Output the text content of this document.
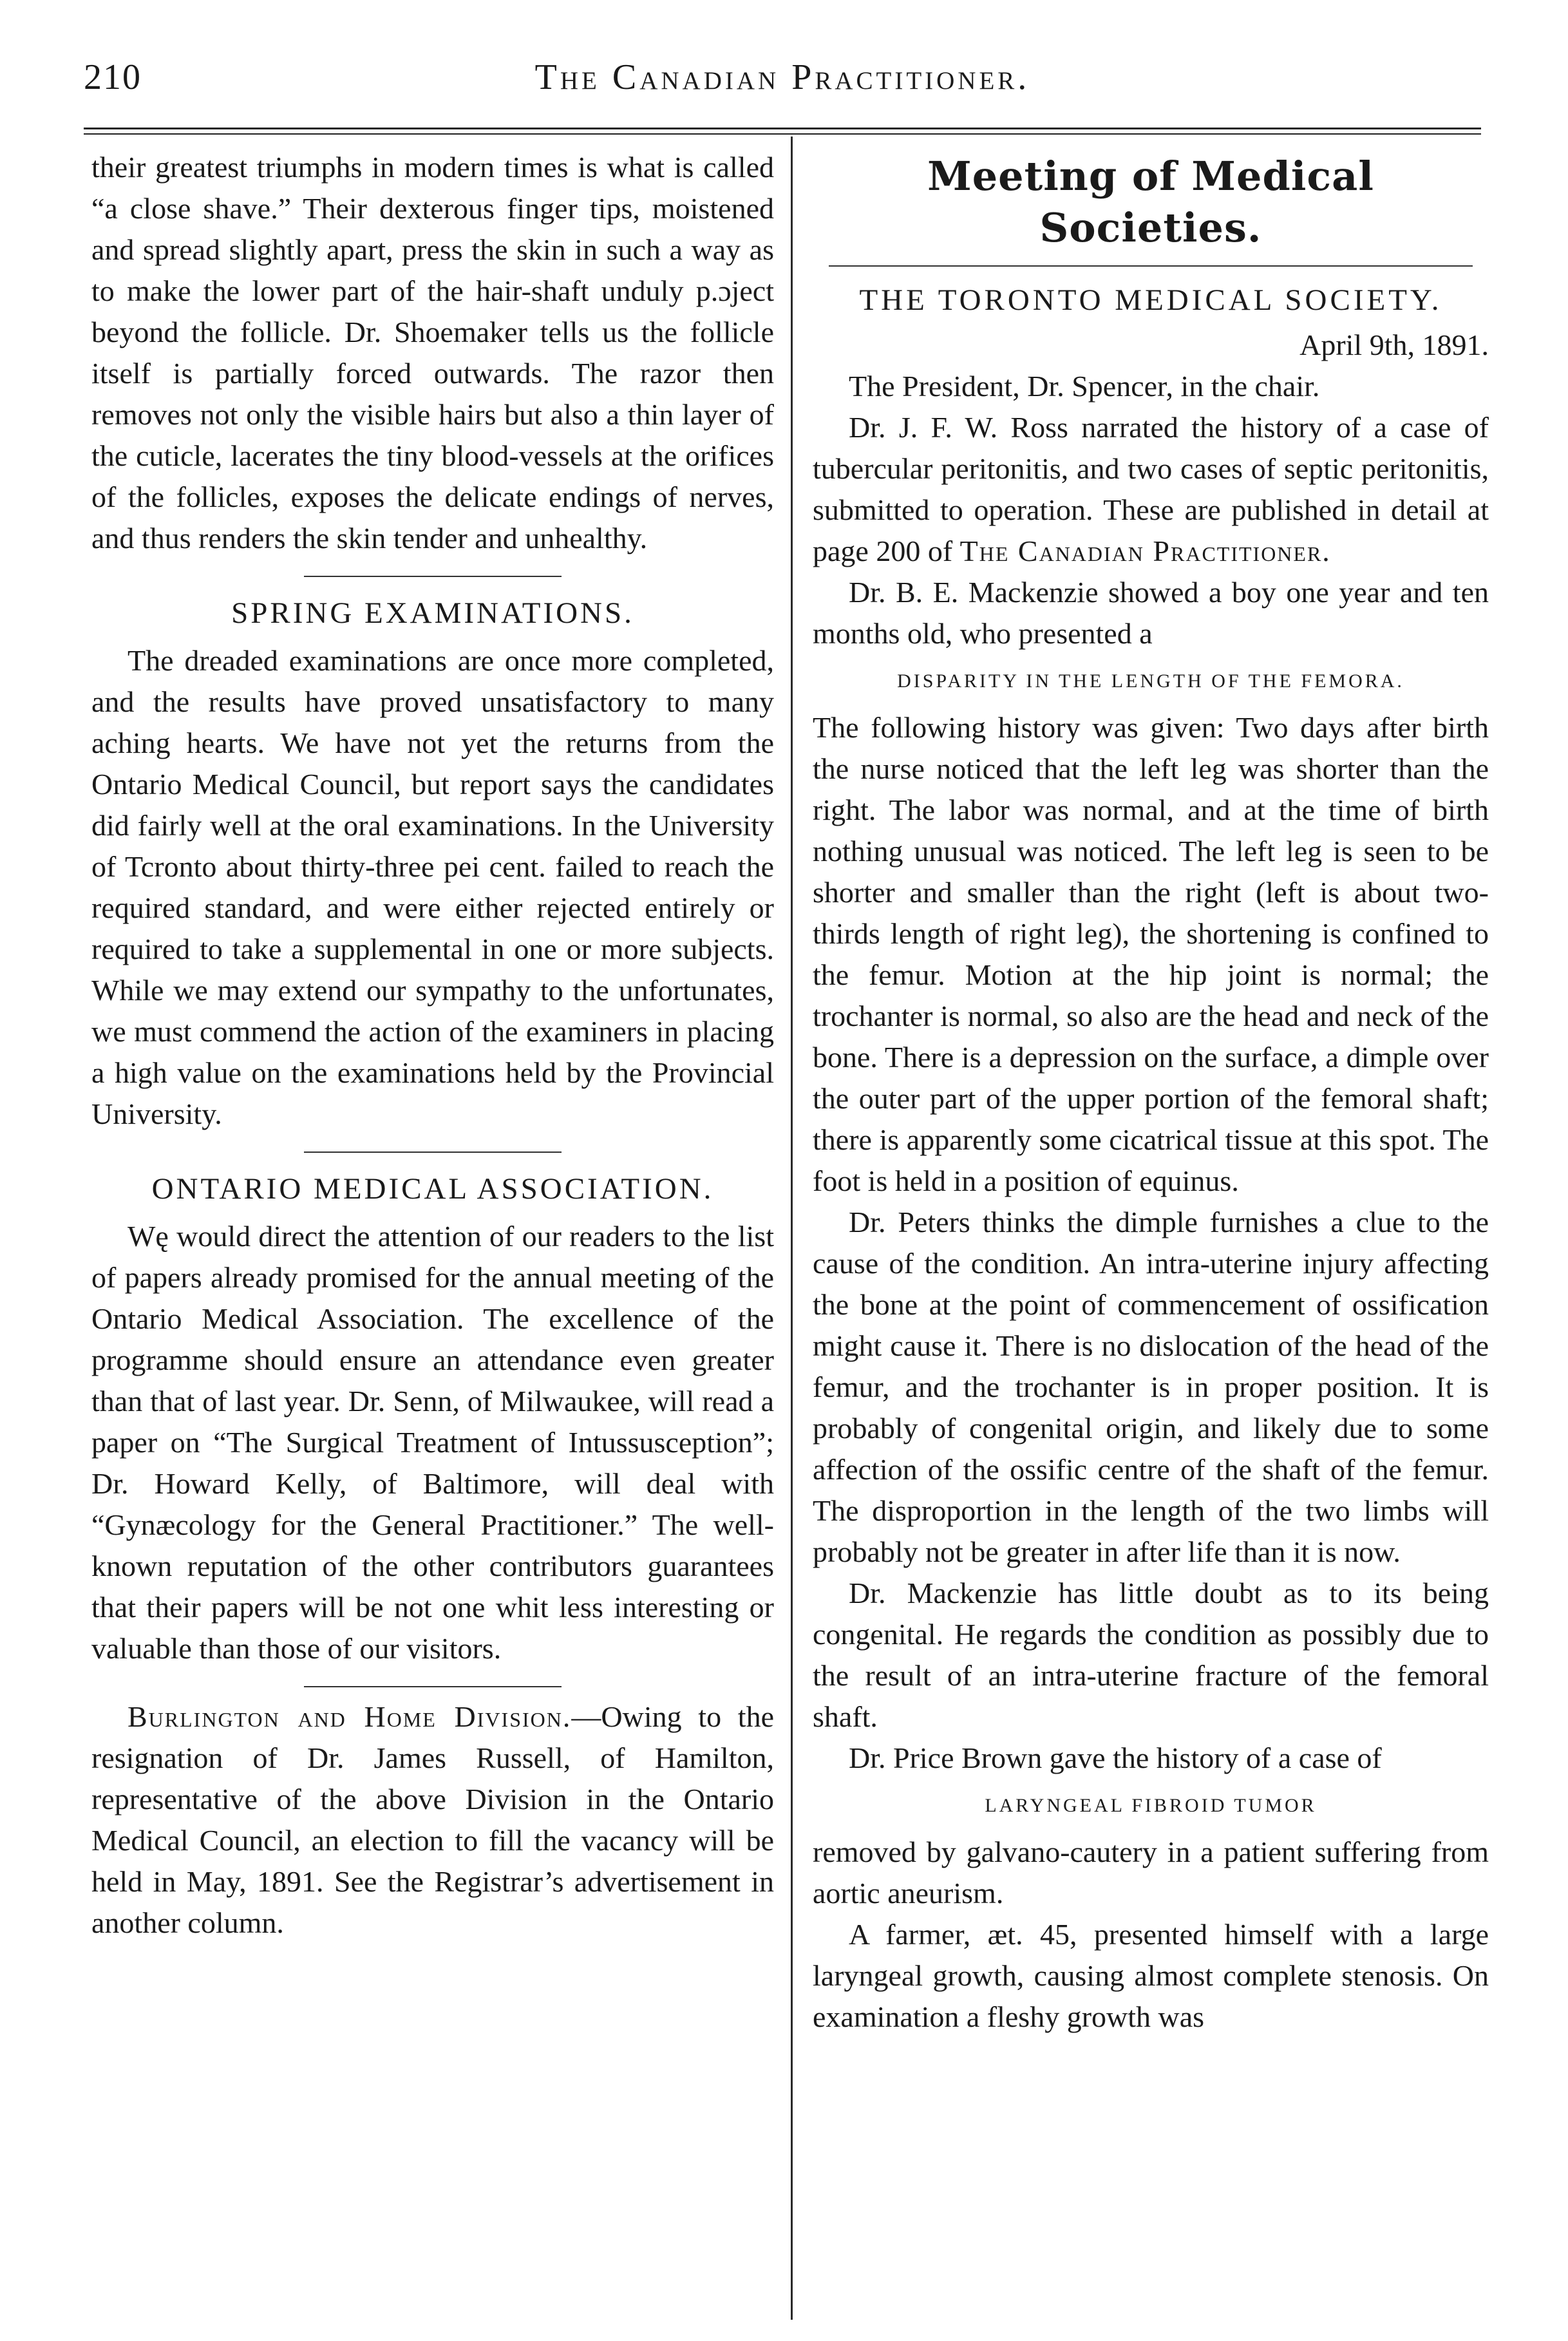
210	The Canadian Practitioner.

their greatest triumphs in modern times is what is called “a close shave.” Their dexterous finger tips, moistened and spread slightly apart, press the skin in such a way as to make the lower part of the hair-shaft unduly p.ɔject beyond the follicle. Dr. Shoemaker tells us the follicle itself is partially forced outwards. The razor then removes not only the visible hairs but also a thin layer of the cuticle, lacerates the tiny blood-vessels at the orifices of the follicles, exposes the delicate endings of nerves, and thus renders the skin tender and unhealthy.

SPRING EXAMINATIONS.

The dreaded examinations are once more completed, and the results have proved unsatisfactory to many aching hearts. We have not yet the returns from the Ontario Medical Council, but report says the candidates did fairly well at the oral examinations. In the University of Tcronto about thirty-three pei cent. failed to reach the required standard, and were either rejected entirely or required to take a supplemental in one or more subjects. While we may extend our sympathy to the unfortunates, we must commend the action of the examiners in placing a high value on the examinations held by the Provincial University.

ONTARIO MEDICAL ASSOCIATION.

Wę would direct the attention of our readers to the list of papers already promised for the annual meeting of the Ontario Medical Association. The excellence of the programme should ensure an attendance even greater than that of last year. Dr. Senn, of Milwaukee, will read a paper on “The Surgical Treatment of Intussusception”; Dr. Howard Kelly, of Baltimore, will deal with “Gynæcology for the General Practitioner.” The well-known reputation of the other contributors guarantees that their papers will be not one whit less interesting or valuable than those of our visitors.

Burlington and Home Division.—Owing to the resignation of Dr. James Russell, of Hamilton, representative of the above Division in the Ontario Medical Council, an election to fill the vacancy will be held in May, 1891. See the Registrar’s advertisement in another column.

Meeting of Medical Societies.
THE TORONTO MEDICAL SOCIETY.

April 9th, 1891.

The President, Dr. Spencer, in the chair.

Dr. J. F. W. Ross narrated the history of a case of tubercular peritonitis, and two cases of septic peritonitis, submitted to operation. These are published in detail at page 200 of The Canadian Practitioner.

Dr. B. E. Mackenzie showed a boy one year and ten months old, who presented a

DISPARITY IN THE LENGTH OF THE FEMORA.

The following history was given: Two days after birth the nurse noticed that the left leg was shorter than the right. The labor was normal, and at the time of birth nothing unusual was noticed. The left leg is seen to be shorter and smaller than the right (left is about two-thirds length of right leg), the shortening is confined to the femur. Motion at the hip joint is normal; the trochanter is normal, so also are the head and neck of the bone. There is a depression on the surface, a dimple over the outer part of the upper portion of the femoral shaft; there is apparently some cicatrical tissue at this spot. The foot is held in a position of equinus.

Dr. Peters thinks the dimple furnishes a clue to the cause of the condition. An intra-uterine injury affecting the bone at the point of commencement of ossification might cause it. There is no dislocation of the head of the femur, and the trochanter is in proper position. It is probably of congenital origin, and likely due to some affection of the ossific centre of the shaft of the femur. The disproportion in the length of the two limbs will probably not be greater in after life than it is now.

Dr. Mackenzie has little doubt as to its being congenital. He regards the condition as possibly due to the result of an intra-uterine fracture of the femoral shaft.

Dr. Price Brown gave the history of a case of

LARYNGEAL FIBROID TUMOR

removed by galvano-cautery in a patient suffering from aortic aneurism.

A farmer, æt. 45, presented himself with a large laryngeal growth, causing almost complete stenosis. On examination a fleshy growth was
